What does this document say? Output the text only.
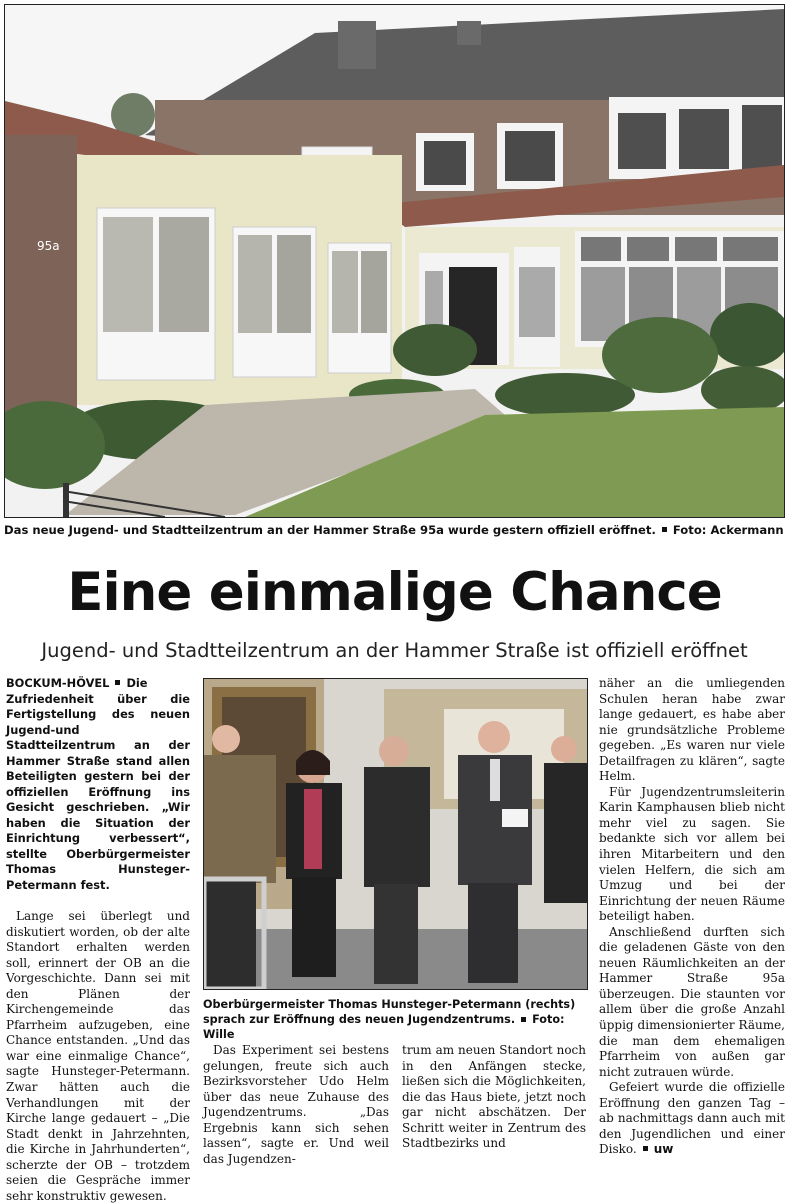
95a
Das neue Jugend- und Stadtteilzentrum an der Hammer Straße 95a wurde gestern offiziell eröffnet. Foto: Ackermann
Eine einmalige Chance
Jugend- und Stadtteilzentrum an der Hammer Straße ist offiziell eröffnet

BOCKUM-HÖVEL Die Zufriedenheit über die Fertigstellung des neuen Jugend-und Stadtteilzentrum an der Hammer Straße stand allen Beteiligten gestern bei der offiziellen Eröffnung ins Gesicht geschrieben. „Wir haben die Situation der Einrichtung verbessert“, stellte Oberbürgermeister Thomas Hunsteger-Petermann fest.

Lange sei überlegt und diskutiert worden, ob der alte Standort erhalten werden soll, erinnert der OB an die Vorgeschichte. Dann sei mit den Plänen der Kirchengemeinde das Pfarrheim aufzugeben, eine Chance entstanden. „Und das war eine einmalige Chance“, sagte Hunsteger-Petermann. Zwar hätten auch die Verhandlungen mit der Kirche lange gedauert – „Die Stadt denkt in Jahrzehnten, die Kirche in Jahrhunderten“, scherzte der OB – trotzdem seien die Gespräche immer sehr konstruktiv gewesen.

Oberbürgermeister Thomas Hunsteger-Petermann (rechts) sprach zur Eröffnung des neuen Jugendzentrums. Foto: Wille

Das Experiment sei bestens gelungen, freute sich auch Bezirksvorsteher Udo Helm über das neue Zuhause des Jugendzentrums. „Das Ergebnis kann sich sehen lassen“, sagte er. Und weil das Jugendzen-

trum am neuen Standort noch in den Anfängen stecke, ließen sich die Möglichkeiten, die das Haus biete, jetzt noch gar nicht abschätzen. Der Schritt weiter in Zentrum des Stadtbezirks und

näher an die umliegenden Schulen heran habe zwar lange gedauert, es habe aber nie grundsätzliche Probleme gegeben. „Es waren nur viele Detailfragen zu klären“, sagte Helm.

Für Jugendzentrumsleiterin Karin Kamphausen blieb nicht mehr viel zu sagen. Sie bedankte sich vor allem bei ihren Mitarbeitern und den vielen Helfern, die sich am Umzug und bei der Einrichtung der neuen Räume beteiligt haben.

Anschließend durften sich die geladenen Gäste von den neuen Räumlichkeiten an der Hammer Straße 95a überzeugen. Die staunten vor allem über die große Anzahl üppig dimensionierter Räume, die man dem ehemaligen Pfarrheim von außen gar nicht zutrauen würde.

Gefeiert wurde die offizielle Eröffnung den ganzen Tag – ab nachmittags dann auch mit den Jugendlichen und einer Disko. uw
